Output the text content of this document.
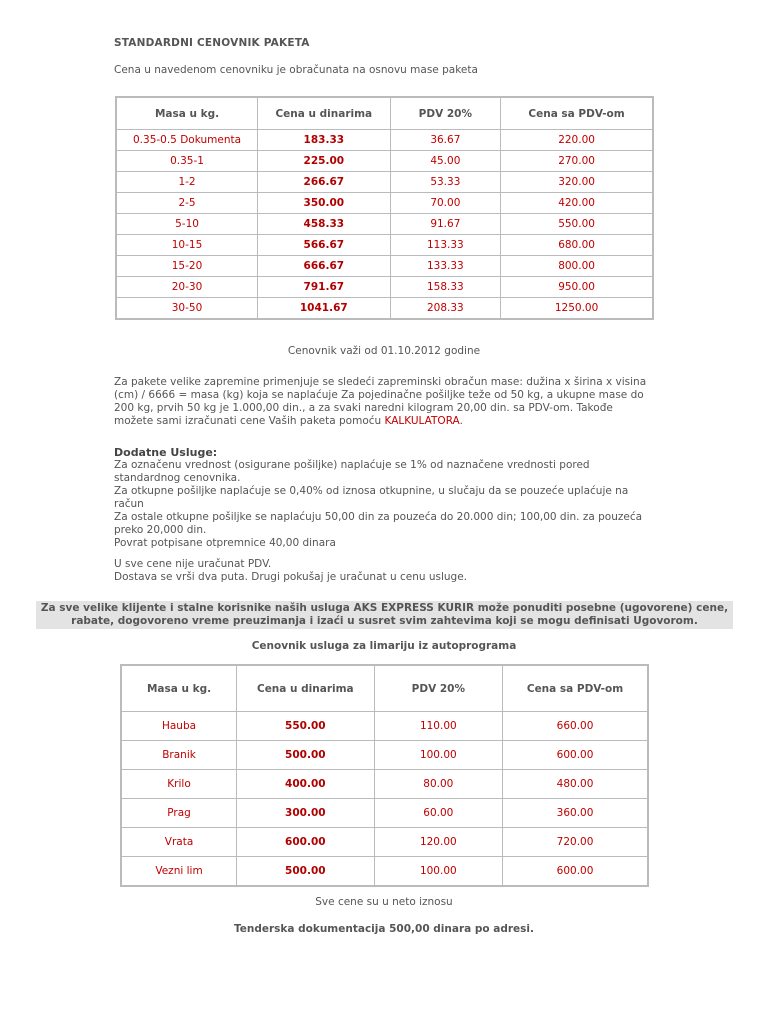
STANDARDNI CENOVNIK PAKETA
Cena u navedenom cenovniku je obračunata na osnovu mase paketa
Masa u kg.	Cena u dinarima	PDV 20%	Cena sa PDV-om
0.35-0.5 Dokumenta	183.33	36.67	220.00
0.35-1	225.00	45.00	270.00
1-2	266.67	53.33	320.00
2-5	350.00	70.00	420.00
5-10	458.33	91.67	550.00
10-15	566.67	113.33	680.00
15-20	666.67	133.33	800.00
20-30	791.67	158.33	950.00
30-50	1041.67	208.33	1250.00
Cenovnik važi od 01.10.2012 godine
Za pakete velike zapremine primenjuje se sledeći zapreminski obračun mase: dužina x širina x visina (cm) / 6666 = masa (kg) koja se naplaćuje Za pojedinačne pošiljke teže od 50 kg, a ukupne mase do 200 kg, prvih 50 kg je 1.000,00 din., a za svaki naredni kilogram 20,00 din. sa PDV-om. Takođe možete sami izračunati cene Vaših paketa pomoću KALKULATORA.
Dodatne Usluge:
Za označenu vrednost (osigurane pošiljke) naplaćuje se 1% od naznačene vrednosti pored standardnog cenovnika.
Za otkupne pošiljke naplaćuje se 0,40% od iznosa otkupnine, u slučaju da se pouzeće uplaćuje na račun
Za ostale otkupne pošiljke se naplaćuju 50,00 din za pouzeća do 20.000 din; 100,00 din. za pouzeća preko 20,000 din.
Povrat potpisane otpremnice 40,00 dinara
U sve cene nije uračunat PDV.
Dostava se vrši dva puta. Drugi pokušaj je uračunat u cenu usluge.
Za sve velike klijente i stalne korisnike naših usluga AKS EXPRESS KURIR može ponuditi posebne (ugovorene) cene, rabate, dogovoreno vreme preuzimanja i izaći u susret svim zahtevima koji se mogu definisati Ugovorom.
Cenovnik usluga za limariju iz autoprograma
Masa u kg.	Cena u dinarima	PDV 20%	Cena sa PDV-om
Hauba	550.00	110.00	660.00
Branik	500.00	100.00	600.00
Krilo	400.00	80.00	480.00
Prag	300.00	60.00	360.00
Vrata	600.00	120.00	720.00
Vezni lim	500.00	100.00	600.00
Sve cene su u neto iznosu
Tenderska dokumentacija 500,00 dinara po adresi.
